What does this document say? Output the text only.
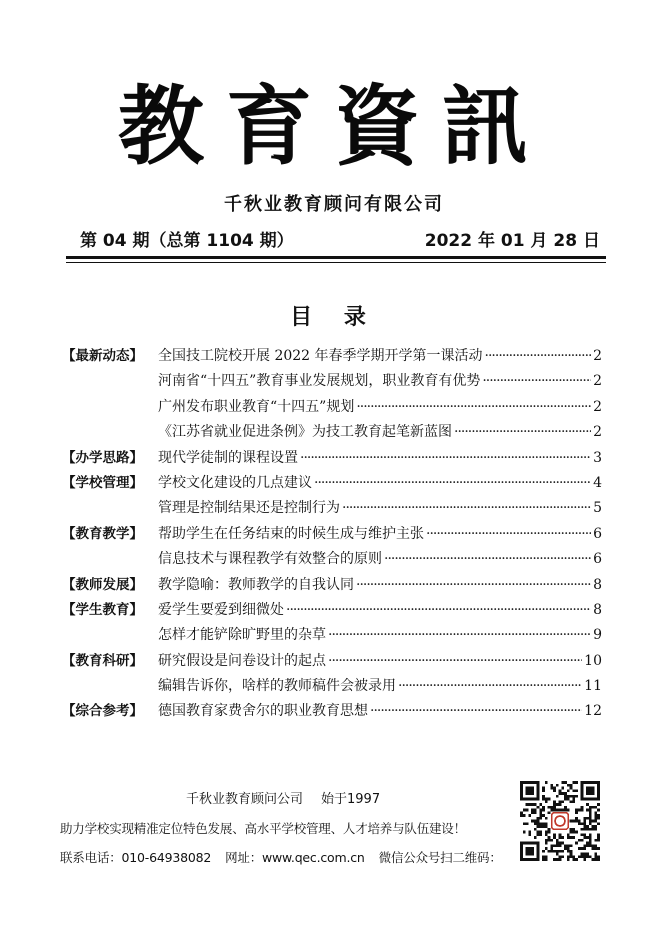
教育資訊
千秋业教育顾问有限公司
第 04 期（总第 1104 期）	2022 年 01 月 28 日
目 录
【最新动态】	全国技工院校开展 2022 年春季学期开学第一课活动 ·····	2
河南省“十四五”教育事业发展规划，职业教育有优势 ·····	2
广州发布职业教育“十四五”规划 ·····	2
《江苏省就业促进条例》为技工教育起笔新蓝图 ·····	2
【办学思路】	现代学徒制的课程设置 ·····	3
【学校管理】	学校文化建设的几点建议 ·····	4
管理是控制结果还是控制行为 ·····	5
【教育教学】	帮助学生在任务结束的时候生成与维护主张 ·····	6
信息技术与课程教学有效整合的原则 ·····	6
【教师发展】	教学隐喻：教师教学的自我认同 ·····	8
【学生教育】	爱学生要爱到细微处 ·····	8
怎样才能铲除旷野里的杂草 ·····	9
【教育科研】	研究假设是问卷设计的起点 ·····	10
编辑告诉你，啥样的教师稿件会被录用 ·····	11
【综合参考】	德国教育家费舍尔的职业教育思想 ·····	12
千秋业教育顾问公司 始于1997
助力学校实现精准定位特色发展、高水平学校管理、人才培养与队伍建设！
联系电话：010-64938082 网址：www.qec.com.cn 微信公众号扫二维码：
